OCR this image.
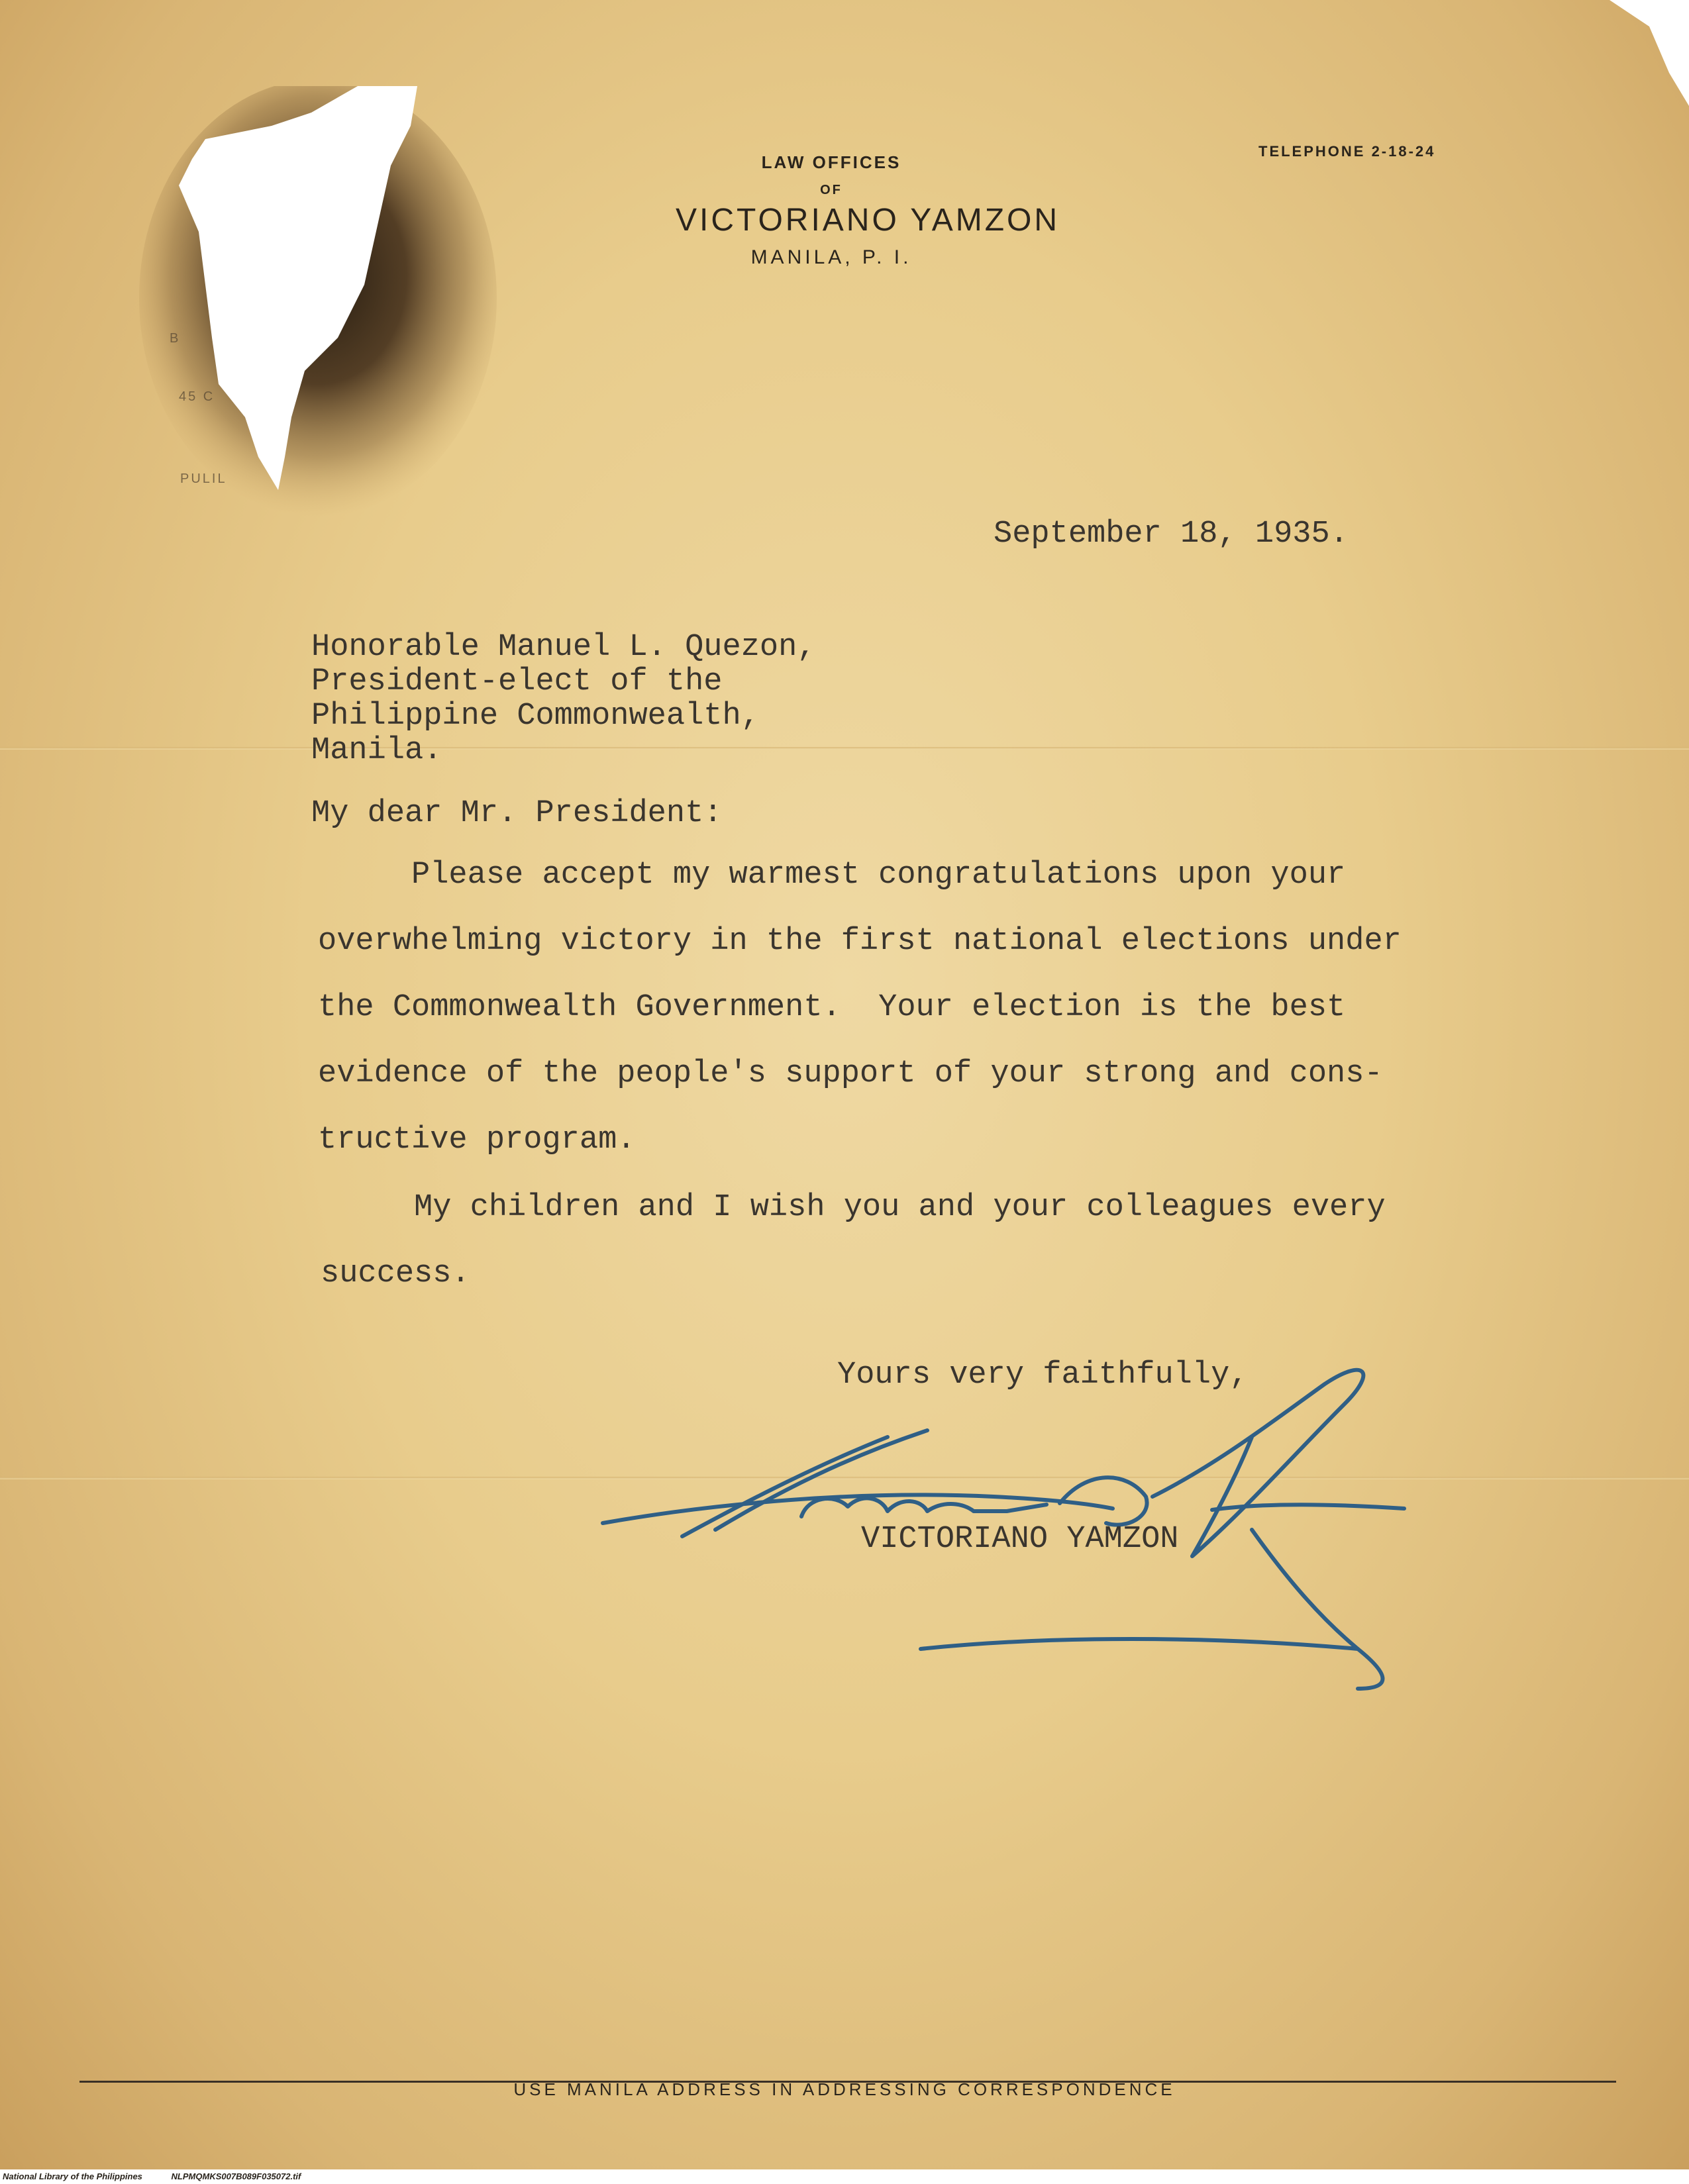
B
45 C
PULIL
LAW OFFICES
OF
VICTORIANO YAMZON
MANILA, P. I.
TELEPHONE 2-18-24
September 18, 1935.
Honorable Manuel L. Quezon,
President-elect of the
Philippine Commonwealth,
Manila.
My dear Mr. President:
Please accept my warmest congratulations upon your
overwhelming victory in the first national elections under
the Commonwealth Government.  Your election is the best
evidence of the people's support of your strong and cons-
tructive program.
My children and I wish you and your colleagues every
success.
Yours very faithfully,
VICTORIANO YAMZON
USE MANILA ADDRESS IN ADDRESSING CORRESPONDENCE
National Library of the Philippines	NLPMQMKS007B089F035072.tif
